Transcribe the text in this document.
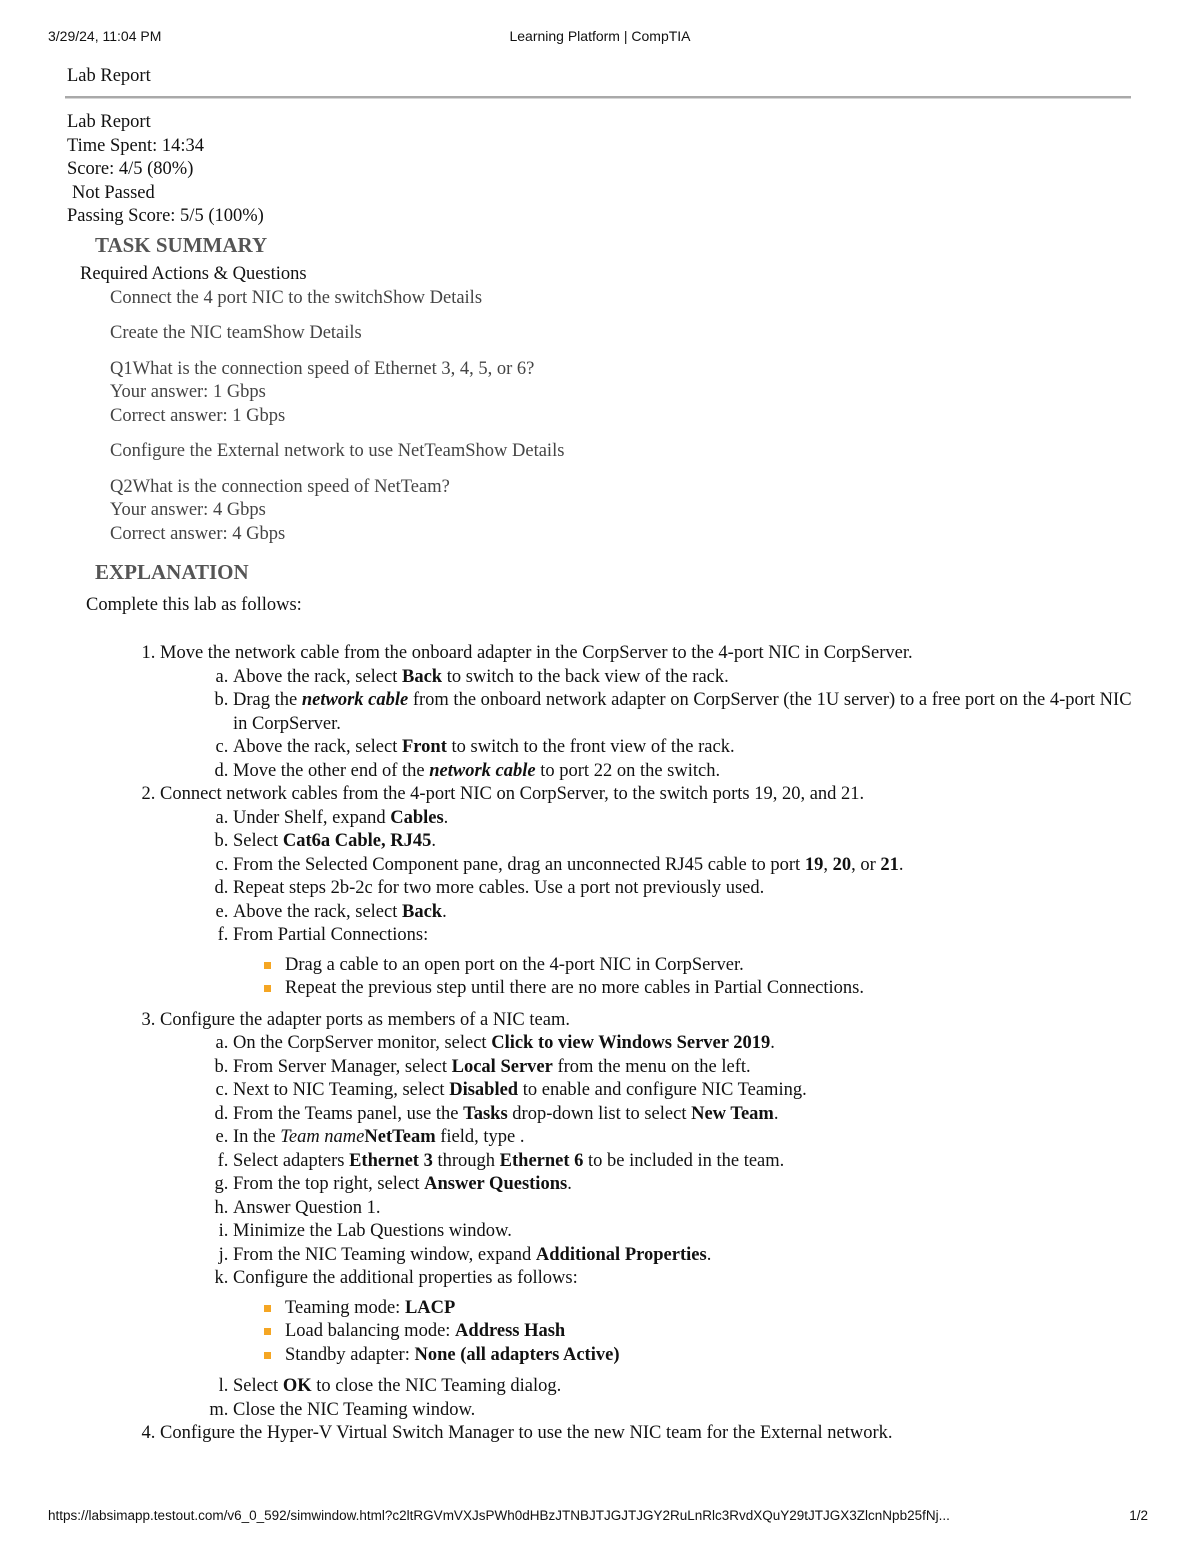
3/29/24, 11:04 PM	Learning Platform | CompTIA
Lab Report
Lab Report
Time Spent: 14:34
Score: 4/5 (80%)
Not Passed
Passing Score: 5/5 (100%)
TASK SUMMARY
Required Actions & Questions
Connect the 4 port NIC to the switchShow Details
Create the NIC teamShow Details
Q1What is the connection speed of Ethernet 3, 4, 5, or 6?
Your answer: 1 Gbps
Correct answer: 1 Gbps
Configure the External network to use NetTeamShow Details
Q2What is the connection speed of NetTeam?
Your answer: 4 Gbps
Correct answer: 4 Gbps
EXPLANATION
Complete this lab as follows:
1. Move the network cable from the onboard adapter in the CorpServer to the 4-port NIC in CorpServer.
a. Above the rack, select Back to switch to the back view of the rack.
b. Drag the network cable from the onboard network adapter on CorpServer (the 1U server) to a free port on the 4-port NIC in CorpServer.
c. Above the rack, select Front to switch to the front view of the rack.
d. Move the other end of the network cable to port 22 on the switch.
2. Connect network cables from the 4-port NIC on CorpServer, to the switch ports 19, 20, and 21.
a. Under Shelf, expand Cables.
b. Select Cat6a Cable, RJ45.
c. From the Selected Component pane, drag an unconnected RJ45 cable to port 19, 20, or 21.
d. Repeat steps 2b-2c for two more cables. Use a port not previously used.
e. Above the rack, select Back.
f. From Partial Connections:
Drag a cable to an open port on the 4-port NIC in CorpServer.
Repeat the previous step until there are no more cables in Partial Connections.
3. Configure the adapter ports as members of a NIC team.
a. On the CorpServer monitor, select Click to view Windows Server 2019.
b. From Server Manager, select Local Server from the menu on the left.
c. Next to NIC Teaming, select Disabled to enable and configure NIC Teaming.
d. From the Teams panel, use the Tasks drop-down list to select New Team.
e. In the Team nameNetTeam field, type .
f. Select adapters Ethernet 3 through Ethernet 6 to be included in the team.
g. From the top right, select Answer Questions.
h. Answer Question 1.
i. Minimize the Lab Questions window.
j. From the NIC Teaming window, expand Additional Properties.
k. Configure the additional properties as follows:
Teaming mode: LACP
Load balancing mode: Address Hash
Standby adapter: None (all adapters Active)
l. Select OK to close the NIC Teaming dialog.
m. Close the NIC Teaming window.
4. Configure the Hyper-V Virtual Switch Manager to use the new NIC team for the External network.
https://labsimapp.testout.com/v6_0_592/simwindow.html?c2ltRGVmVXJsPWh0dHBzJTNBJTJGJTJGY2RuLnRlc3RvdXQuY29tJTJGX3ZlcnNpb25fNj...	1/2
